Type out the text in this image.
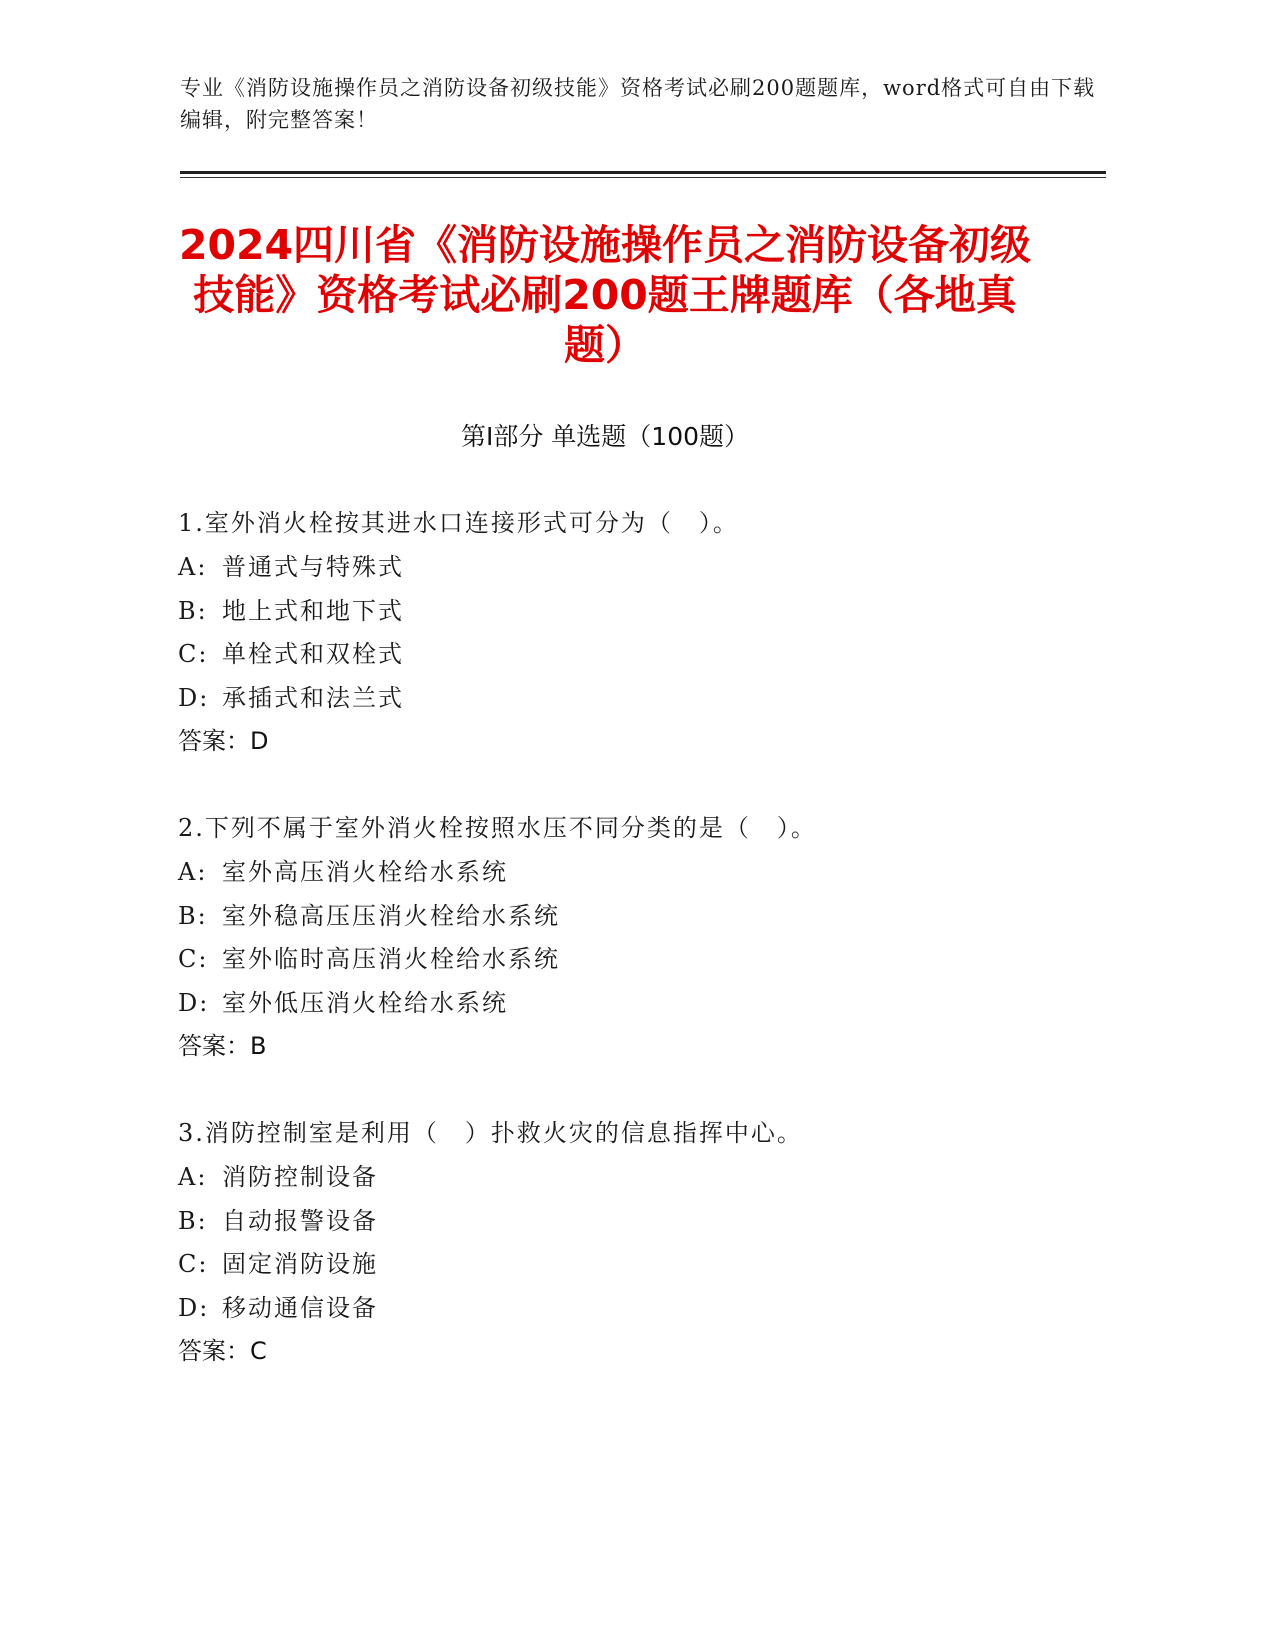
专业《消防设施操作员之消防设备初级技能》资格考试必刷200题题库，word格式可自由下载编辑，附完整答案！
2024四川省《消防设施操作员之消防设备初级技能》资格考试必刷200题王牌题库（各地真题）
第I部分 单选题（100题）
1.室外消火栓按其进水口连接形式可分为（　）。
A: 普通式与特殊式
B: 地上式和地下式
C: 单栓式和双栓式
D: 承插式和法兰式
答案：D
2.下列不属于室外消火栓按照水压不同分类的是（　）。
A: 室外高压消火栓给水系统
B: 室外稳高压压消火栓给水系统
C: 室外临时高压消火栓给水系统
D: 室外低压消火栓给水系统
答案：B
3.消防控制室是利用（　）扑救火灾的信息指挥中心。
A: 消防控制设备
B: 自动报警设备
C: 固定消防设施
D: 移动通信设备
答案：C
